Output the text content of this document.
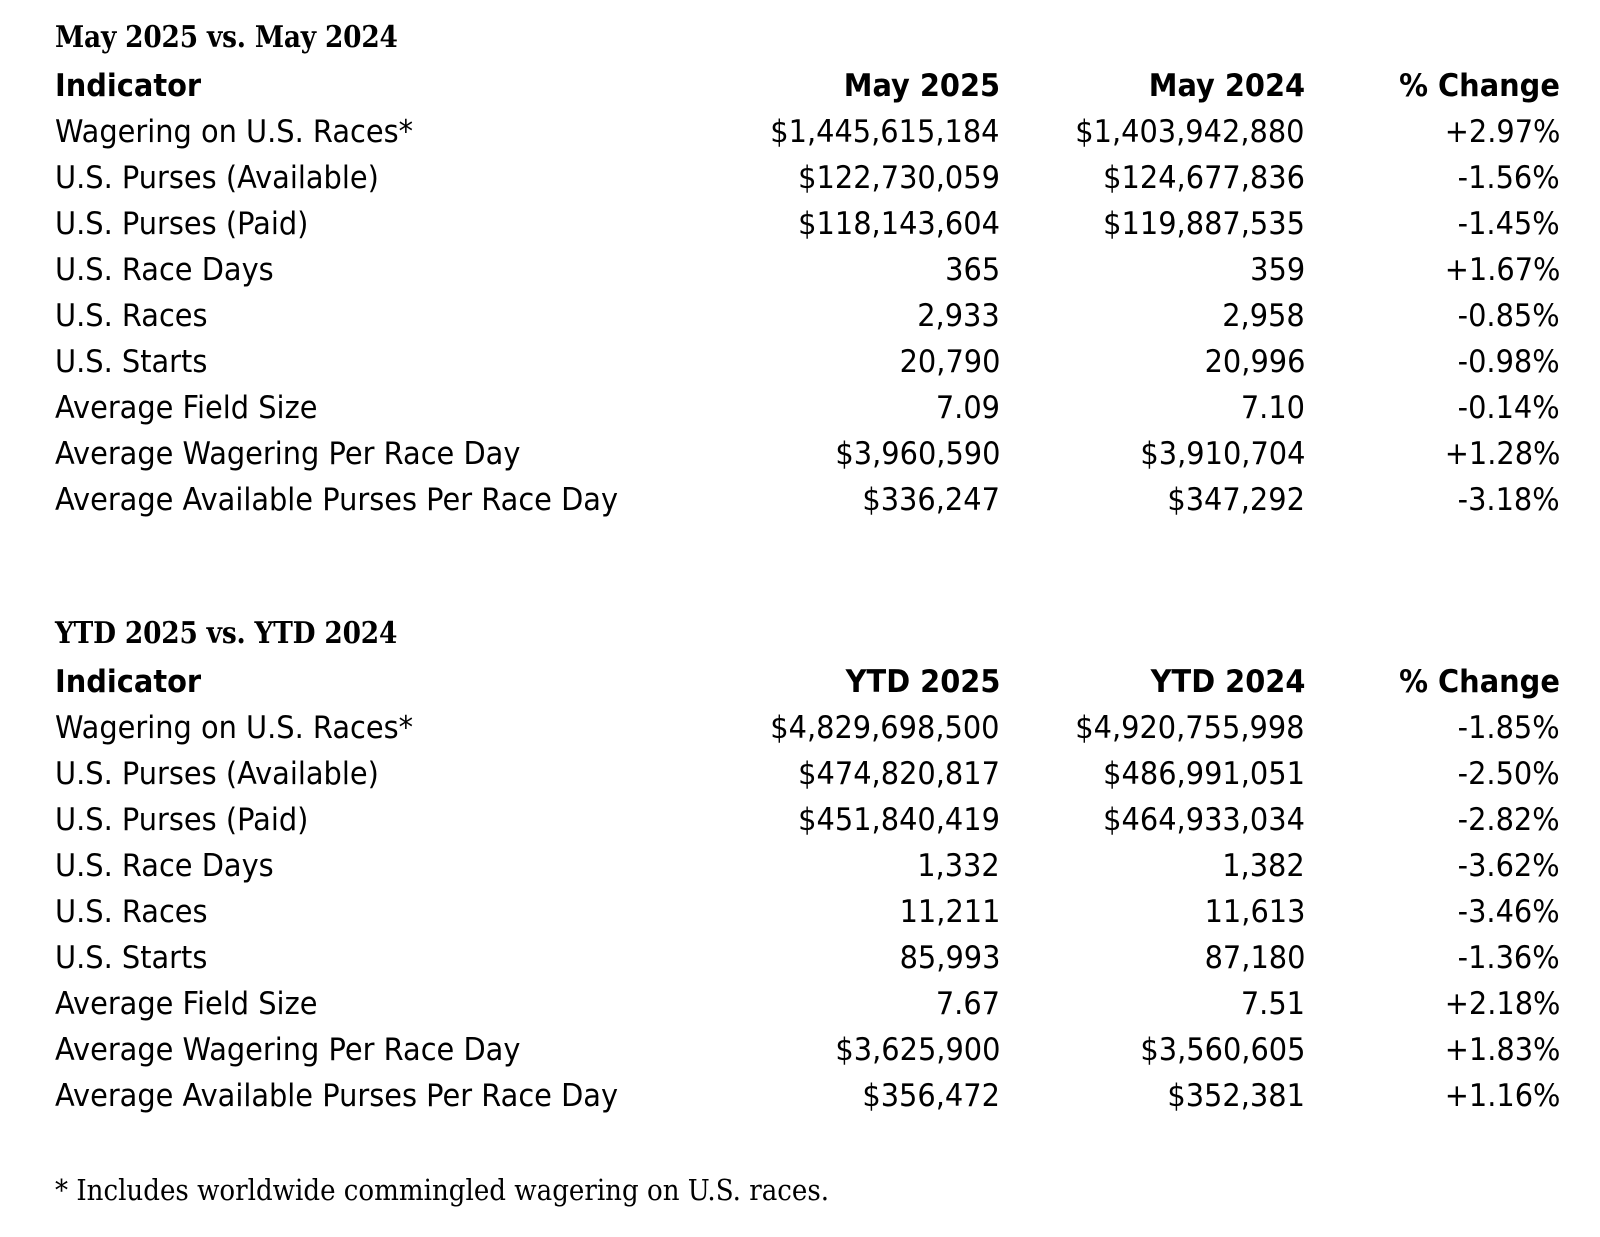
May 2025 vs. May 2024
Indicator	May 2025	May 2024	% Change
Wagering on U.S. Races*	$1,445,615,184	$1,403,942,880	+2.97%
U.S. Purses (Available)	$122,730,059	$124,677,836	-1.56%
U.S. Purses (Paid)	$118,143,604	$119,887,535	-1.45%
U.S. Race Days	365	359	+1.67%
U.S. Races	2,933	2,958	-0.85%
U.S. Starts	20,790	20,996	-0.98%
Average Field Size	7.09	7.10	-0.14%
Average Wagering Per Race Day	$3,960,590	$3,910,704	+1.28%
Average Available Purses Per Race Day	$336,247	$347,292	-3.18%
YTD 2025 vs. YTD 2024
Indicator	YTD 2025	YTD 2024	% Change
Wagering on U.S. Races*	$4,829,698,500	$4,920,755,998	-1.85%
U.S. Purses (Available)	$474,820,817	$486,991,051	-2.50%
U.S. Purses (Paid)	$451,840,419	$464,933,034	-2.82%
U.S. Race Days	1,332	1,382	-3.62%
U.S. Races	11,211	11,613	-3.46%
U.S. Starts	85,993	87,180	-1.36%
Average Field Size	7.67	7.51	+2.18%
Average Wagering Per Race Day	$3,625,900	$3,560,605	+1.83%
Average Available Purses Per Race Day	$356,472	$352,381	+1.16%
* Includes worldwide commingled wagering on U.S. races.
